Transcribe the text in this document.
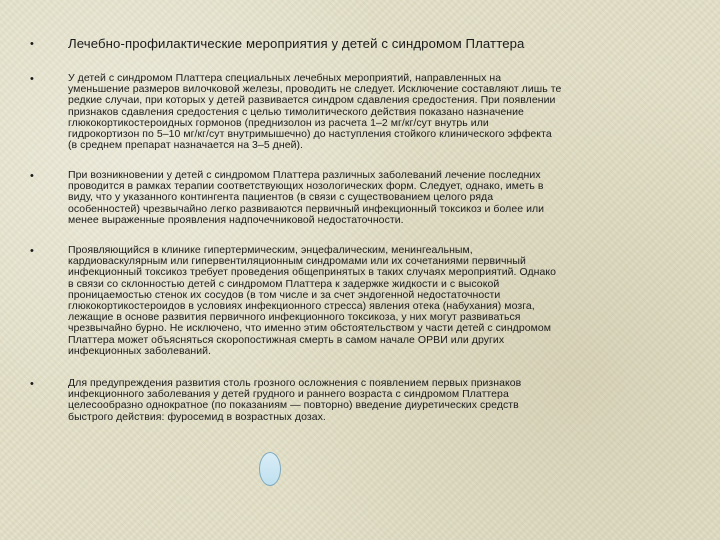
•	Лечебно-профилактические мероприятия у детей с синдромом Платтера
•	У детей с синдромом Платтера специальных лечебных мероприятий, направленных на
уменьшение размеров вилочковой железы, проводить не следует. Исключение составляют лишь те
редкие случаи, при которых у детей развивается синдром сдавления средостения. При появлении
признаков сдавления средостения с целью тимолитического действия показано назначение
глюкокортикостероидных гормонов (преднизолон из расчета 1–2 мг/кг/сут внутрь или
гидрокортизон по 5–10 мг/кг/сут внутримышечно) до наступления стойкого клинического эффекта
(в среднем препарат назначается на 3–5 дней).
•	При возникновении у детей с синдромом Платтера различных заболеваний лечение последних
проводится в рамках терапии соответствующих нозологических форм. Следует, однако, иметь в
виду, что у указанного контингента пациентов (в связи с существованием целого ряда
особенностей) чрезвычайно легко развиваются первичный инфекционный токсикоз и более или
менее выраженные проявления надпочечниковой недостаточности.
•	Проявляющийся в клинике гипертермическим, энцефалическим, менингеальным,
кардиоваскулярным или гипервентиляционным синдромами или их сочетаниями первичный
инфекционный токсикоз требует проведения общепринятых в таких случаях мероприятий. Однако
в связи со склонностью детей с синдромом Платтера к задержке жидкости и с высокой
проницаемостью стенок их сосудов (в том числе и за счет эндогенной недостаточности
глюкокортикостероидов в условиях инфекционного стресса) явления отека (набухания) мозга,
лежащие в основе развития первичного инфекционного токсикоза, у них могут развиваться
чрезвычайно бурно. Не исключено, что именно этим обстоятельством у части детей с синдромом
Платтера может объясняться скоропостижная смерть в самом начале ОРВИ или других
инфекционных заболеваний.
•	Для предупреждения развития столь грозного осложнения с появлением первых признаков
инфекционного заболевания у детей грудного и раннего возраста с синдромом Платтера
целесообразно однократное (по показаниям — повторно) введение диуретических средств
быстрого действия: фуросемид в возрастных дозах.
